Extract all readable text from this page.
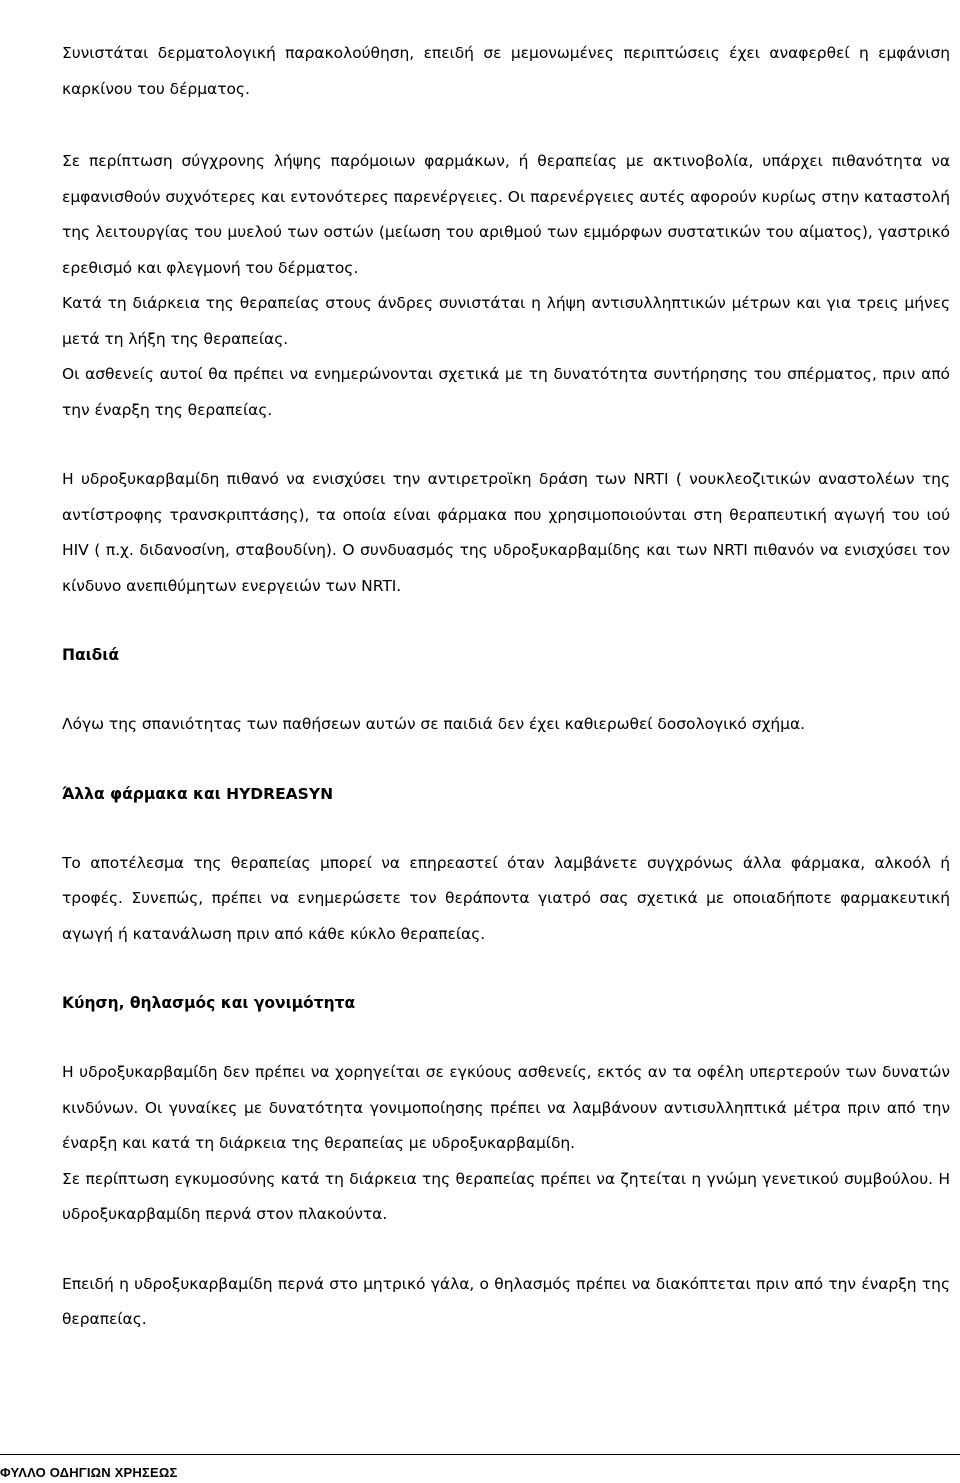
Συνιστάται δερματολογική παρακολούθηση, επειδή σε μεμονωμένες περιπτώσεις έχει αναφερθεί η εμφάνιση καρκίνου του δέρματος.

Σε περίπτωση σύγχρονης λήψης παρόμοιων φαρμάκων, ή θεραπείας με ακτινοβολία, υπάρχει πιθανότητα να εμφανισθούν συχνότερες και εντονότερες παρενέργειες. Οι παρενέργειες αυτές αφορούν κυρίως στην καταστολή της λειτουργίας του μυελού των οστών (μείωση του αριθμού των εμμόρφων συστατικών του αίματος), γαστρικό ερεθισμό και φλεγμονή του δέρματος.

Κατά τη διάρκεια της θεραπείας στους άνδρες συνιστάται η λήψη αντισυλληπτικών μέτρων και για τρεις μήνες μετά τη λήξη της θεραπείας.

Οι ασθενείς αυτοί θα πρέπει να ενημερώνονται σχετικά με τη δυνατότητα συντήρησης του σπέρματος, πριν από την έναρξη της θεραπείας.

Η υδροξυκαρβαμίδη πιθανό να ενισχύσει την αντιρετροϊκη δράση των NRTI ( νουκλεοζιτικών αναστολέων της αντίστροφης τρανσκριπτάσης), τα οποία είναι φάρμακα που χρησιμοποιούνται στη θεραπευτική αγωγή του ιού HIV ( π.χ. διδανοσίνη, σταβουδίνη). Ο συνδυασμός της υδροξυκαρβαμίδης και των NRTI πιθανόν να ενισχύσει τον κίνδυνο ανεπιθύμητων ενεργειών των NRTI.

Παιδιά

Λόγω της σπανιότητας των παθήσεων αυτών σε παιδιά δεν έχει καθιερωθεί δοσολογικό σχήμα.

Άλλα φάρμακα και HYDREASYN

Το αποτέλεσμα της θεραπείας μπορεί να επηρεαστεί όταν λαμβάνετε συγχρόνως άλλα φάρμακα, αλκοόλ ή τροφές. Συνεπώς, πρέπει να ενημερώσετε τον θεράποντα γιατρό σας σχετικά με οποιαδήποτε φαρμακευτική αγωγή ή κατανάλωση πριν από κάθε κύκλο θεραπείας.

Κύηση, θηλασμός και γονιμότητα

Η υδροξυκαρβαμίδη δεν πρέπει να χορηγείται σε εγκύους ασθενείς, εκτός αν τα οφέλη υπερτερούν των δυνατών κινδύνων. Οι γυναίκες με δυνατότητα γονιμοποίησης πρέπει να λαμβάνουν αντισυλληπτικά μέτρα πριν από την έναρξη και κατά τη διάρκεια της θεραπείας με υδροξυκαρβαμίδη.

Σε περίπτωση εγκυμοσύνης κατά τη διάρκεια της θεραπείας πρέπει να ζητείται η γνώμη γενετικού συμβούλου. Η υδροξυκαρβαμίδη περνά στον πλακούντα.

Επειδή η υδροξυκαρβαμίδη περνά στο μητρικό γάλα, ο θηλασμός πρέπει να διακόπτεται πριν από την έναρξη της θεραπείας.

ΦΥΛΛΟ ΟΔΗΓΙΩΝ ΧΡΗΣΕΩΣ
